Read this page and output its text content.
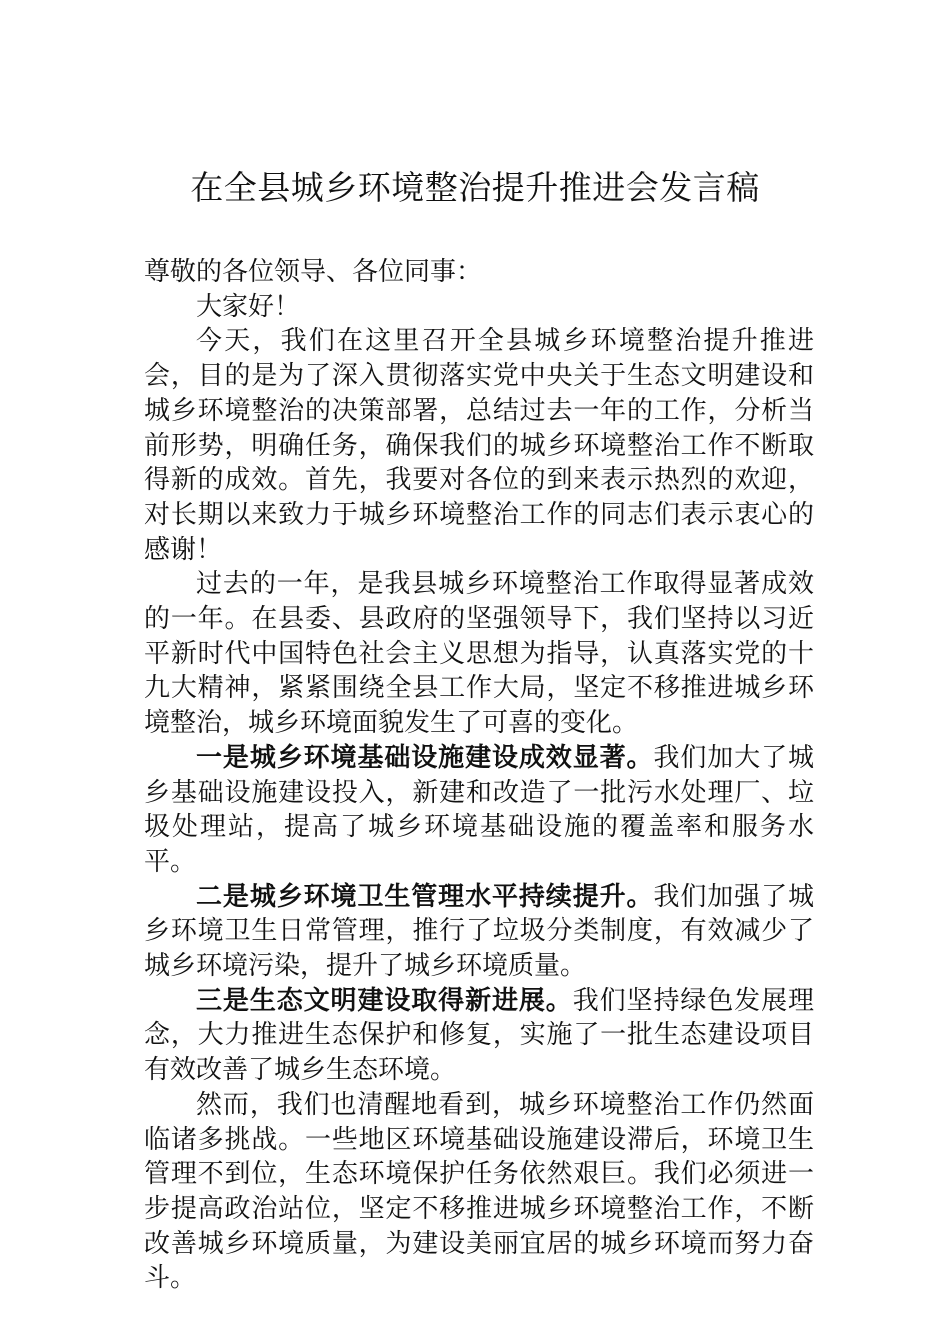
在全县城乡环境整治提升推进会发言稿

尊敬的各位领导、各位同事：

大家好！

今天，我们在这里召开全县城乡环境整治提升推进会，目的是为了深入贯彻落实党中央关于生态文明建设和城乡环境整治的决策部署，总结过去一年的工作，分析当前形势，明确任务，确保我们的城乡环境整治工作不断取得新的成效。首先，我要对各位的到来表示热烈的欢迎，对长期以来致力于城乡环境整治工作的同志们表示衷心的感谢！

过去的一年，是我县城乡环境整治工作取得显著成效的一年。在县委、县政府的坚强领导下，我们坚持以习近平新时代中国特色社会主义思想为指导，认真落实党的十九大精神，紧紧围绕全县工作大局，坚定不移推进城乡环境整治，城乡环境面貌发生了可喜的变化。

一是城乡环境基础设施建设成效显著。我们加大了城乡基础设施建设投入，新建和改造了一批污水处理厂、垃圾处理站，提高了城乡环境基础设施的覆盖率和服务水平。

二是城乡环境卫生管理水平持续提升。我们加强了城乡环境卫生日常管理，推行了垃圾分类制度，有效减少了城乡环境污染，提升了城乡环境质量。

三是生态文明建设取得新进展。我们坚持绿色发展理念，大力推进生态保护和修复，实施了一批生态建设项目有效改善了城乡生态环境。

然而，我们也清醒地看到，城乡环境整治工作仍然面临诸多挑战。一些地区环境基础设施建设滞后，环境卫生管理不到位，生态环境保护任务依然艰巨。我们必须进一步提高政治站位，坚定不移推进城乡环境整治工作，不断改善城乡环境质量，为建设美丽宜居的城乡环境而努力奋斗。
